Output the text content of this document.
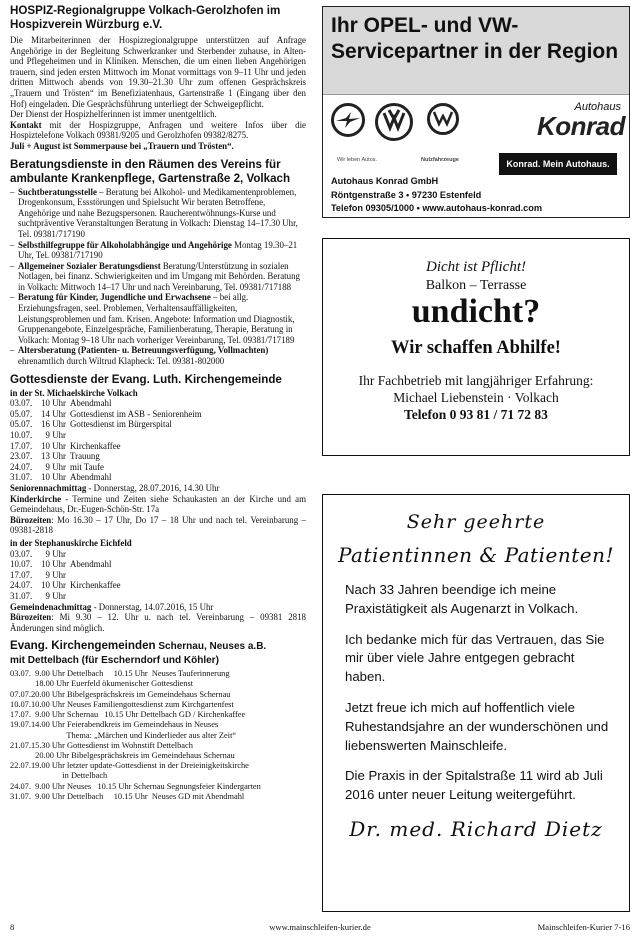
HOSPIZ-Regionalgruppe Volkach-Gerolzhofen im Hospizverein Würzburg e.V.
Die Mitarbeiterinnen der Hospizregionalgruppe unterstützen auf Anfrage Angehörige in der Begleitung Schwerkranker und Sterbender zuhause, in Alten- und Pflegeheimen und in Kliniken. Menschen, die um einen lieben Angehörigen trauern, sind jeden ersten Mittwoch im Monat vormittags von 9–11 Uhr und jeden dritten Mittwoch abends von 19.30–21.30 Uhr zum offenen Gesprächskreis „Trauern und Trösten“ im Benefiziatenhaus, Gartenstraße 1 (Eingang über den Hof) eingeladen. Die Gesprächsführung unterliegt der Schweigepflicht.
Der Dienst der Hospizhelferinnen ist immer unentgeltlich.
Kontakt mit der Hospizgruppe, Anfragen und weitere Infos über die Hospiztelefone Volkach 09381/9205 und Gerolzhofen 09382/8275.
Juli + August ist Sommerpause bei „Trauern und Trösten“.
Beratungsdienste in den Räumen des Vereins für ambulante Krankenpflege, Gartenstraße 2, Volkach
– Suchtberatungsstelle – Beratung bei Alkohol- und Medikamentenproblemen, Drogenkonsum, Essstörungen und Spielsucht Wir beraten Betroffene, Angehörige und nahe Bezugspersonen. Raucherentwöhnungs-Kurse und suchtpräventive Veranstaltungen Beratung in Volkach: Dienstag 14–17.30 Uhr, Tel. 09381/717190
– Selbsthilfegruppe für Alkoholabhängige und Angehörige Montag 19.30–21 Uhr, Tel. 09381/717190
– Allgemeiner Sozialer Beratungsdienst Beratung/Unterstützung in sozialen Notlagen, bei finanz. Schwierigkeiten und im Umgang mit Behörden. Beratung in Volkach: Mittwoch 14–17 Uhr und nach Vereinbarung, Tel. 09381/717188
– Beratung für Kinder, Jugendliche und Erwachsene – bei allg. Erziehungsfragen, seel. Problemen, Verhaltensauffälligkeiten, Leistungsproblemen und fam. Krisen. Angebote: Information und Diagnostik, Gruppenangebote, Einzelgespräche, Familienberatung, Therapie, Beratung in Volkach: Montag 9–18 Uhr nach vorheriger Vereinbarung, Tel. 09381/717189
– Altersberatung (Patienten- u. Betreuungsverfügung, Vollmachten) ehrenamtlich durch Wiltrud Klapheck: Tel. 09381-802000
Gottesdienste der Evang. Luth. Kirchengemeinde
in der St. Michaelskirche Volkach
03.07.	10 Uhr Abendmahl
05.07.	14 Uhr Gottesdienst im ASB - Seniorenheim
05.07.	16 Uhr Gottesdienst im Bürgerspital
10.07.	9 Uhr
17.07.	10 Uhr Kirchenkaffee
23.07.	13 Uhr Trauung
24.07.	9 Uhr mit Taufe
31.07.	10 Uhr Abendmahl
Seniorennachmittag - Donnerstag, 28.07.2016, 14.30 Uhr
Kinderkirche - Termine und Zeiten siehe Schaukasten an der Kirche und am Gemeindehaus, Dr.-Eugen-Schön-Str. 17a
Bürozeiten: Mo 16.30 – 17 Uhr, Do 17 – 18 Uhr und nach tel. Vereinbarung – 09381-2818
in der Stephanuskirche Eichfeld
03.07.	9 Uhr
10.07.	10 Uhr Abendmahl
17.07.	9 Uhr
24.07.	10 Uhr Kirchenkaffee
31.07.	9 Uhr
Gemeindenachmittag - Donnerstag, 14.07.2016, 15 Uhr
Bürozeiten: Mi 9.30 – 12. Uhr u. nach tel. Vereinbarung – 09381 2818 Änderungen sind möglich.
Evang. Kirchengemeinden Schernau, Neuses a.B.
mit Dettelbach (für Escherndorf und Köhler)
03.07.  9.00 Uhr Dettelbach     10.15 Uhr  Neuses Tauferinnerung
18.00 Uhr Euerfeld ökumenischer Gottesdienst
07.07.20.00 Uhr Bibelgesprächskreis im Gemeindehaus Schernau
10.07.10.00 Uhr Neuses Familiengottesdienst zum Kirchgartenfest
17.07.  9.00 Uhr Schernau   10.15 Uhr Dettelbach GD / Kirchenkaffee
19.07.14.00 Uhr Feierabendkreis im Gemeindehaus in Neuses
Thema: „Märchen und Kinderlieder aus alter Zeit“
21.07.15.30 Uhr Gottesdienst im Wohnstift Dettelbach
20.00 Uhr Bibelgesprächskreis im Gemeindehaus Schernau
22.07.19.00 Uhr letzter update-Gottesdienst in der Dreieinigkeitskirche
in Dettelbach
24.07.  9.00 Uhr Neuses   10.15 Uhr Schernau Segnungsfeier Kindergarten
31.07.  9.00 Uhr Dettelbach     10.15 Uhr  Neuses GD mit Abendmahl
Ihr OPEL- und VW-
Servicepartner in der Region
Autohaus
Konrad
Wir leben Autos.	Nutzfahrzeuge	Konrad. Mein Autohaus.
Autohaus Konrad GmbH
Röntgenstraße 3 • 97230 Estenfeld
Telefon 09305/1000 • www.autohaus-konrad.com
Dicht ist Pflicht!
Balkon – Terrasse
undicht?
Wir schaffen Abhilfe!
Ihr Fachbetrieb mit langjähriger Erfahrung:
Michael Liebenstein · Volkach
Telefon 0 93 81 / 71 72 83
Sehr geehrte
Patientinnen & Patienten!

Nach 33 Jahren beendige ich meine Praxistätigkeit als Augenarzt in Volkach.

Ich bedanke mich für das Vertrauen, das Sie mir über viele Jahre entgegen gebracht haben.

Jetzt freue ich mich auf hoffentlich viele Ruhestandsjahre an der wunderschönen und liebenswerten Mainschleife.

Die Praxis in der Spitalstraße 11 wird ab Juli 2016 unter neuer Leitung weitergeführt.

Dr. med. Richard Dietz
8	www.mainschleifen-kurier.de	Mainschleifen-Kurier 7-16
